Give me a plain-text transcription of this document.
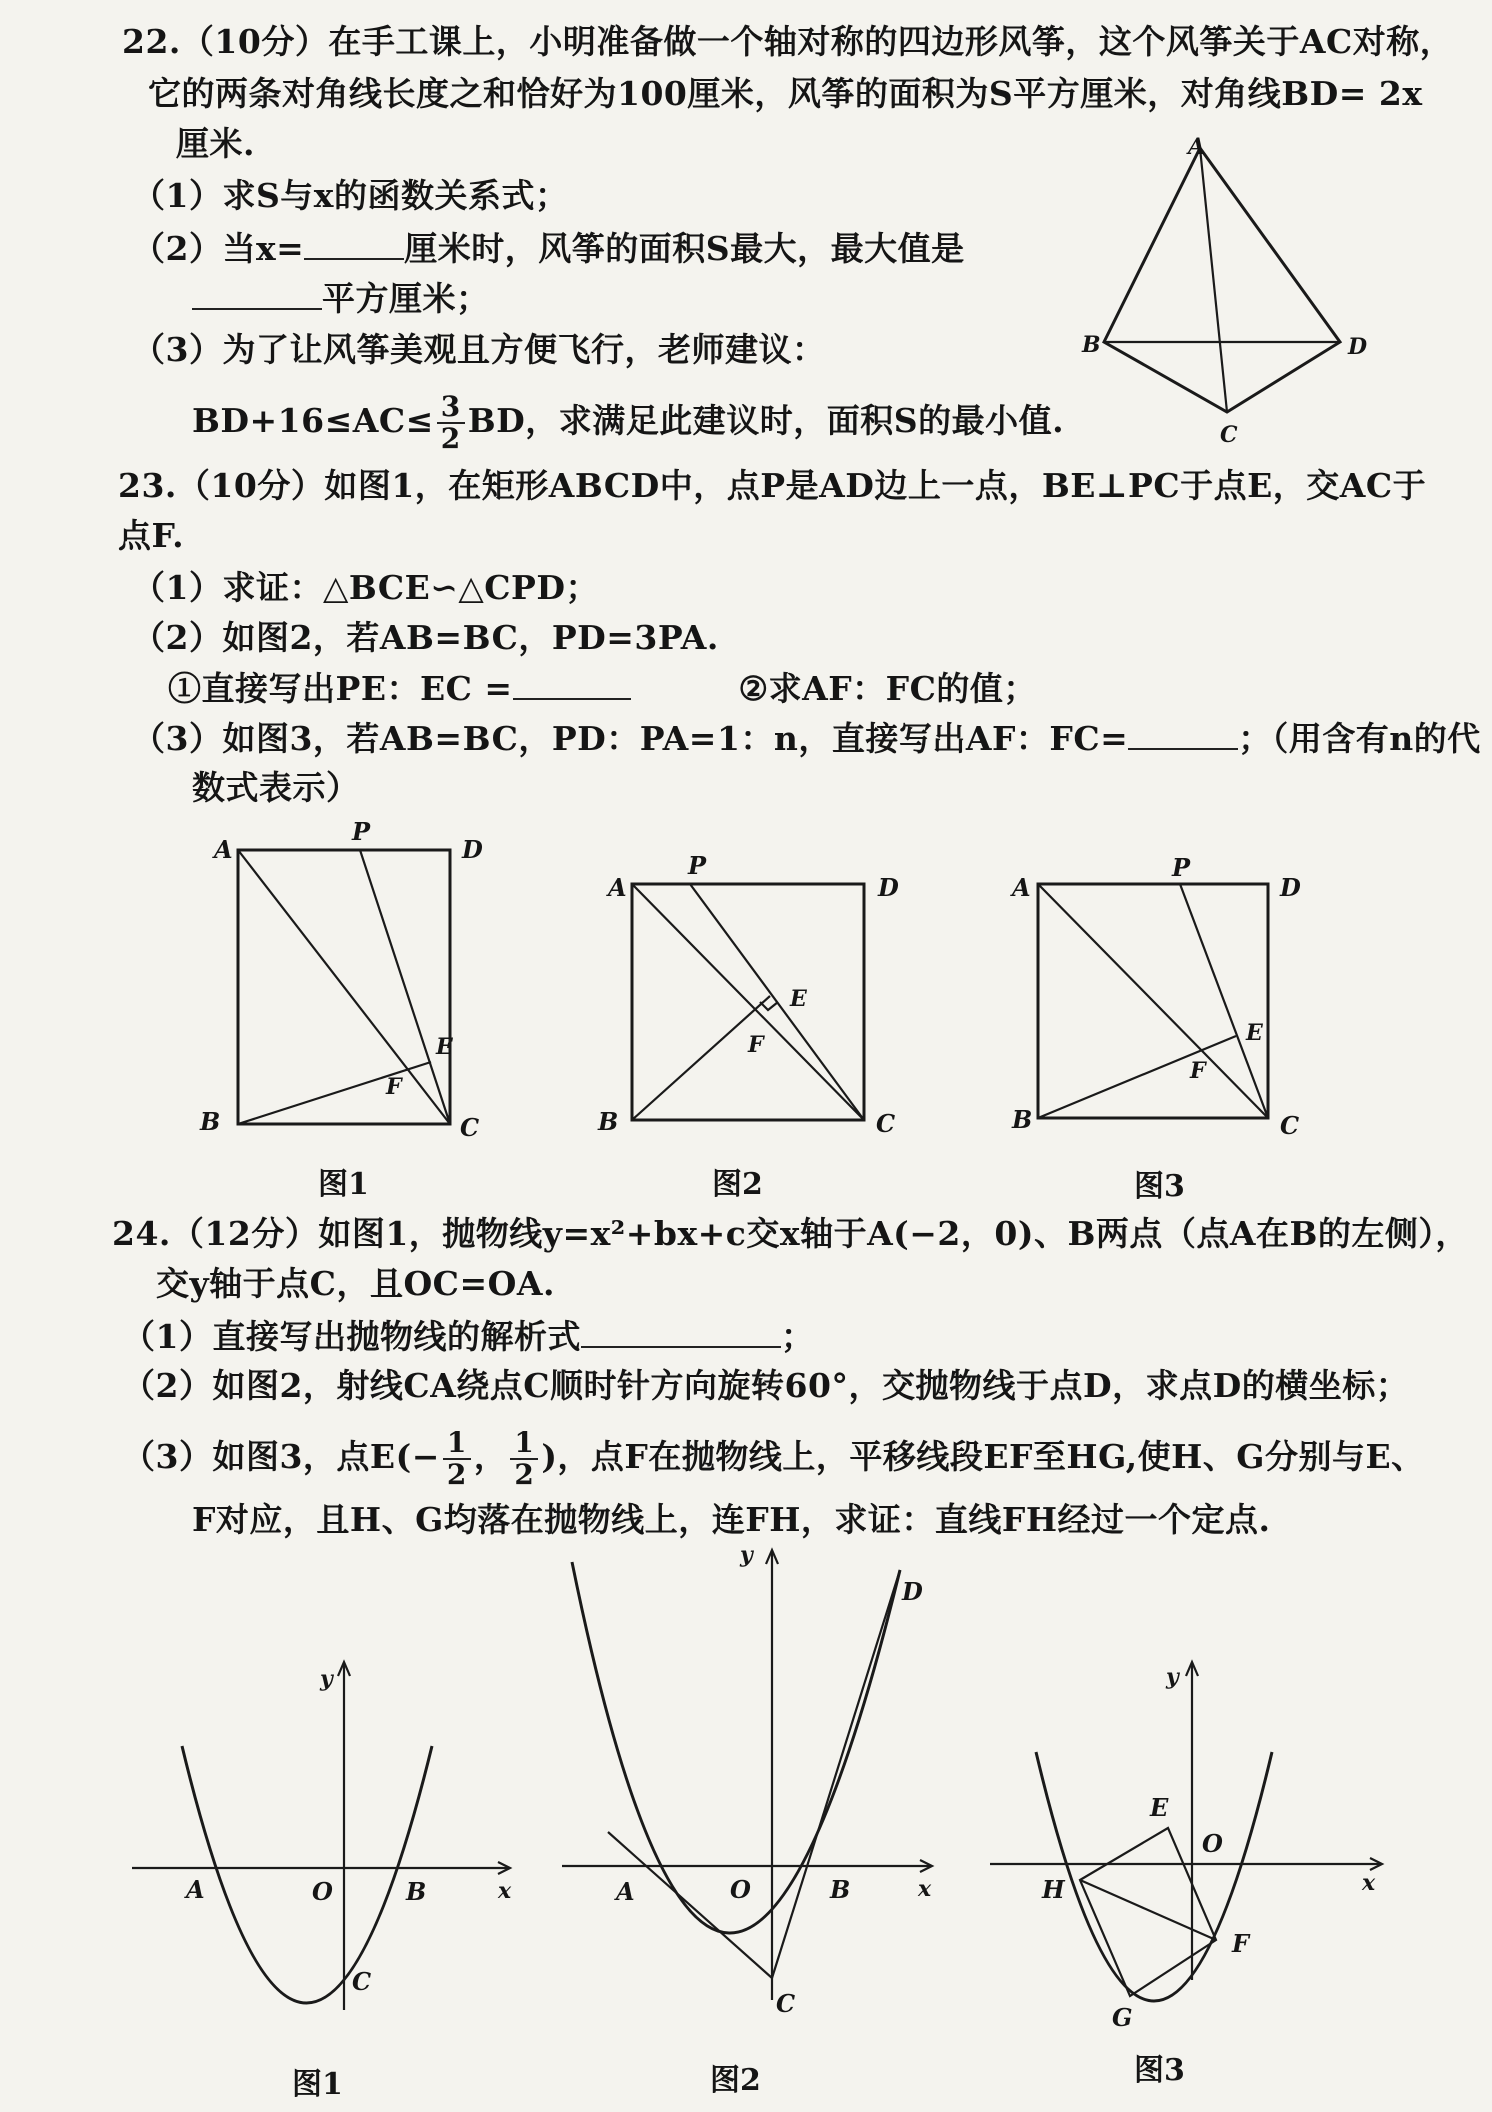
22.（10分）在手工课上，小明准备做一个轴对称的四边形风筝，这个风筝关于AC对称，
它的两条对角线长度之和恰好为100厘米，风筝的面积为S平方厘米，对角线BD= 2x
厘米.
（1）求S与x的函数关系式；
（2）当x=	厘米时，风筝的面积S最大，最大值是
平方厘米；
（3）为了让风筝美观且方便飞行，老师建议：
$BD+16\le AC\le \frac{3}{2}$ BD，求满足此建议时，面积S的最小值.
23.（10分）如图1，在矩形ABCD中，点P是AD边上一点，BE⊥PC于点E，交AC于
点F.
（1）求证：△BCE∽△CPD；
（2）如图2，若AB=BC，PD=3PA.
①直接写出PE：EC =	②求AF：FC的值；
（3）如图3，若AB=BC，PD：PA=1：n，直接写出AF：FC=	；（用含有n的代
数式表示）
24.（12分）如图1，抛物线y=x²+bx+c交x轴于A(−2，0)、B两点（点A在B的左侧），
交y轴于点C，且OC=OA.
（1）直接写出抛物线的解析式	；
（2）如图2，射线CA绕点C顺时针方向旋转60°，交抛物线于点D，求点D的横坐标；
（3）如图3，点$E(- \frac{1}{2}$ ， $\frac{1}{2}$ )，点F在抛物线上，平移线段EF至HG,使H、G分别与E、
F对应，且H、G均落在抛物线上，连FH，求证：直线FH经过一个定点.
A
B
C
D
A
P
D
E
F
B	C
图1
A
P
D
E
F
B	C
图2
A
P
D
E
F
B	C
图3
A	O	B
C
x
y
图1
A	O	B
C
D
x
y
图2
E
O
H
F
G
x
y
图3
